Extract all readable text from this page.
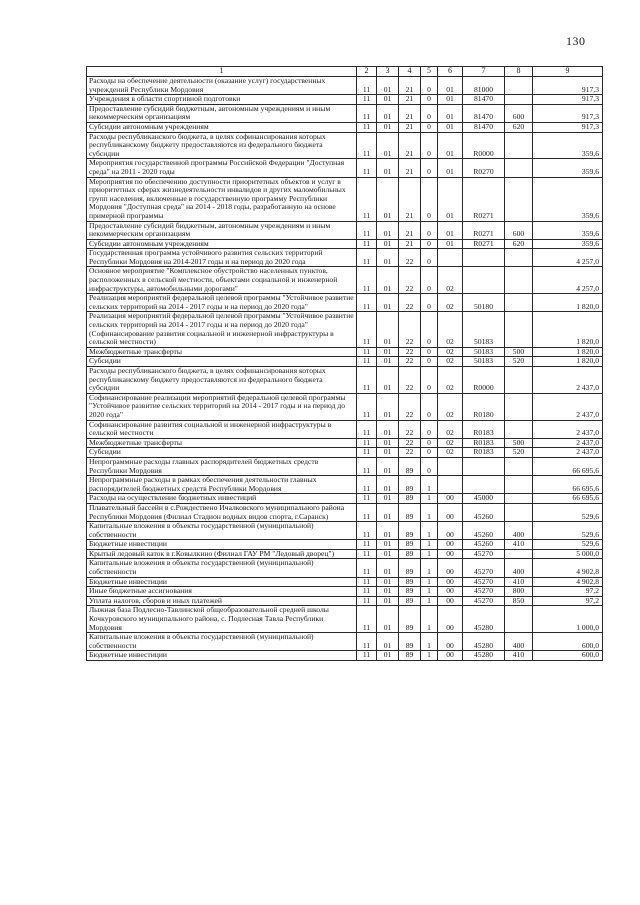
130
1	2	3	4	5	6	7	8	9
Расходы на обеспечение деятельности (оказание услуг) государственных учреждений Республики Мордовия	11	01	21	0	01	81000		917,3
Учреждения в области спортивной подготовки	11	01	21	0	01	81470		917,3
Предоставление субсидий бюджетным, автономным учреждениям и иным некоммерческим организациям	11	01	21	0	01	81470	600	917,3
Субсидии автономным учреждениям	11	01	21	0	01	81470	620	917,3
Расходы республиканского бюджета, в целях софинансирования которых республиканскому бюджету предоставляются из федерального бюджета субсидии	11	01	21	0	01	R0000		359,6
Мероприятия государственной программы Российской Федерации "Доступная среда" на 2011 - 2020 годы	11	01	21	0	01	R0270		359,6
Мероприятия по обеспечению доступности приоритетных объектов и услуг в приоритетных сферах жизнедеятельности инвалидов и других маломобильных групп населения, включенные в государственную программу Республики Мордовия "Доступная среда" на 2014 - 2018 годы, разработанную на основе примерной программы	11	01	21	0	01	R0271		359,6
Предоставление субсидий бюджетным, автономным учреждениям и иным некоммерческим организациям	11	01	21	0	01	R0271	600	359,6
Субсидии автономным учреждениям	11	01	21	0	01	R0271	620	359,6
Государственная программа устойчивого развития сельских территорий Республики Мордовия на 2014-2017 годы и на период до 2020 года	11	01	22	0				4 257,0
Основное мероприятие "Комплексное обустройство населенных пунктов, расположенных в сельской местности, объектами социальной и инженерной инфраструктуры, автомобильными дорогами"	11	01	22	0	02			4 257,0
Реализация мероприятий федеральной целевой программы "Устойчивое развитие сельских территорий на 2014 - 2017 годы и на период до 2020 года"	11	01	22	0	02	50180		1 820,0
Реализация мероприятий федеральной целевой программы "Устойчивое развитие сельских территорий на 2014 - 2017 годы и на период до 2020 года" (Софинансирование развития социальной и инженерной инфраструктуры в сельской местности)	11	01	22	0	02	50183		1 820,0
Межбюджетные трансферты	11	01	22	0	02	50183	500	1 820,0
Субсидии	11	01	22	0	02	50183	520	1 820,0
Расходы республиканского бюджета, в целях софинансирования которых республиканскому бюджету предоставляются из федерального бюджета субсидии	11	01	22	0	02	R0000		2 437,0
Софинансирование реализации мероприятий федеральной целевой программы "Устойчивое развитие сельских территорий на 2014 - 2017 годы и на период до 2020 года"	11	01	22	0	02	R0180		2 437,0
Софинансирование развития социальной и инженерной инфраструктуры в сельской местности	11	01	22	0	02	R0183		2 437,0
Межбюджетные трансферты	11	01	22	0	02	R0183	500	2 437,0
Субсидии	11	01	22	0	02	R0183	520	2 437,0
Непрограммные расходы главных распорядителей бюджетных средств Республики Мордовия	11	01	89	0				66 695,6
Непрограммные расходы в рамках обеспечения деятельности главных распорядителей бюджетных средств Республики Мордовия	11	01	89	1				66 695,6
Расходы на осуществление бюджетных инвестиций	11	01	89	1	00	45000		66 695,6
Плавательный бассейн в с.Рождествено Ичалковского муниципального района Республики Мордовия (Филиал Стадион водных видов спорта, г.Саранск)	11	01	89	1	00	45260		529,6
Капитальные вложения в объекты государственной (муниципальной) собственности	11	01	89	1	00	45260	400	529,6
Бюджетные инвестиции	11	01	89	1	00	45260	410	529,6
Крытый ледовый каток в г.Ковылкино (Филиал ГАУ РМ "Ледовый дворец")	11	01	89	1	00	45270		5 000,0
Капитальные вложения в объекты государственной (муниципальной) собственности	11	01	89	1	00	45270	400	4 902,8
Бюджетные инвестиции	11	01	89	1	00	45270	410	4 902,8
Иные бюджетные ассигнования	11	01	89	1	00	45270	800	97,2
Уплата налогов, сборов и иных платежей	11	01	89	1	00	45270	850	97,2
Лыжная база Подлесно-Тавлинской общеобразовательной средней школы Кочкуровского муниципального района, с. Подлесная Тавла Республики Мордовия	11	01	89	1	00	45280		1 000,0
Капитальные вложения в объекты государственной (муниципальной) собственности	11	01	89	1	00	45280	400	600,0
Бюджетные инвестиции	11	01	89	1	00	45280	410	600,0
